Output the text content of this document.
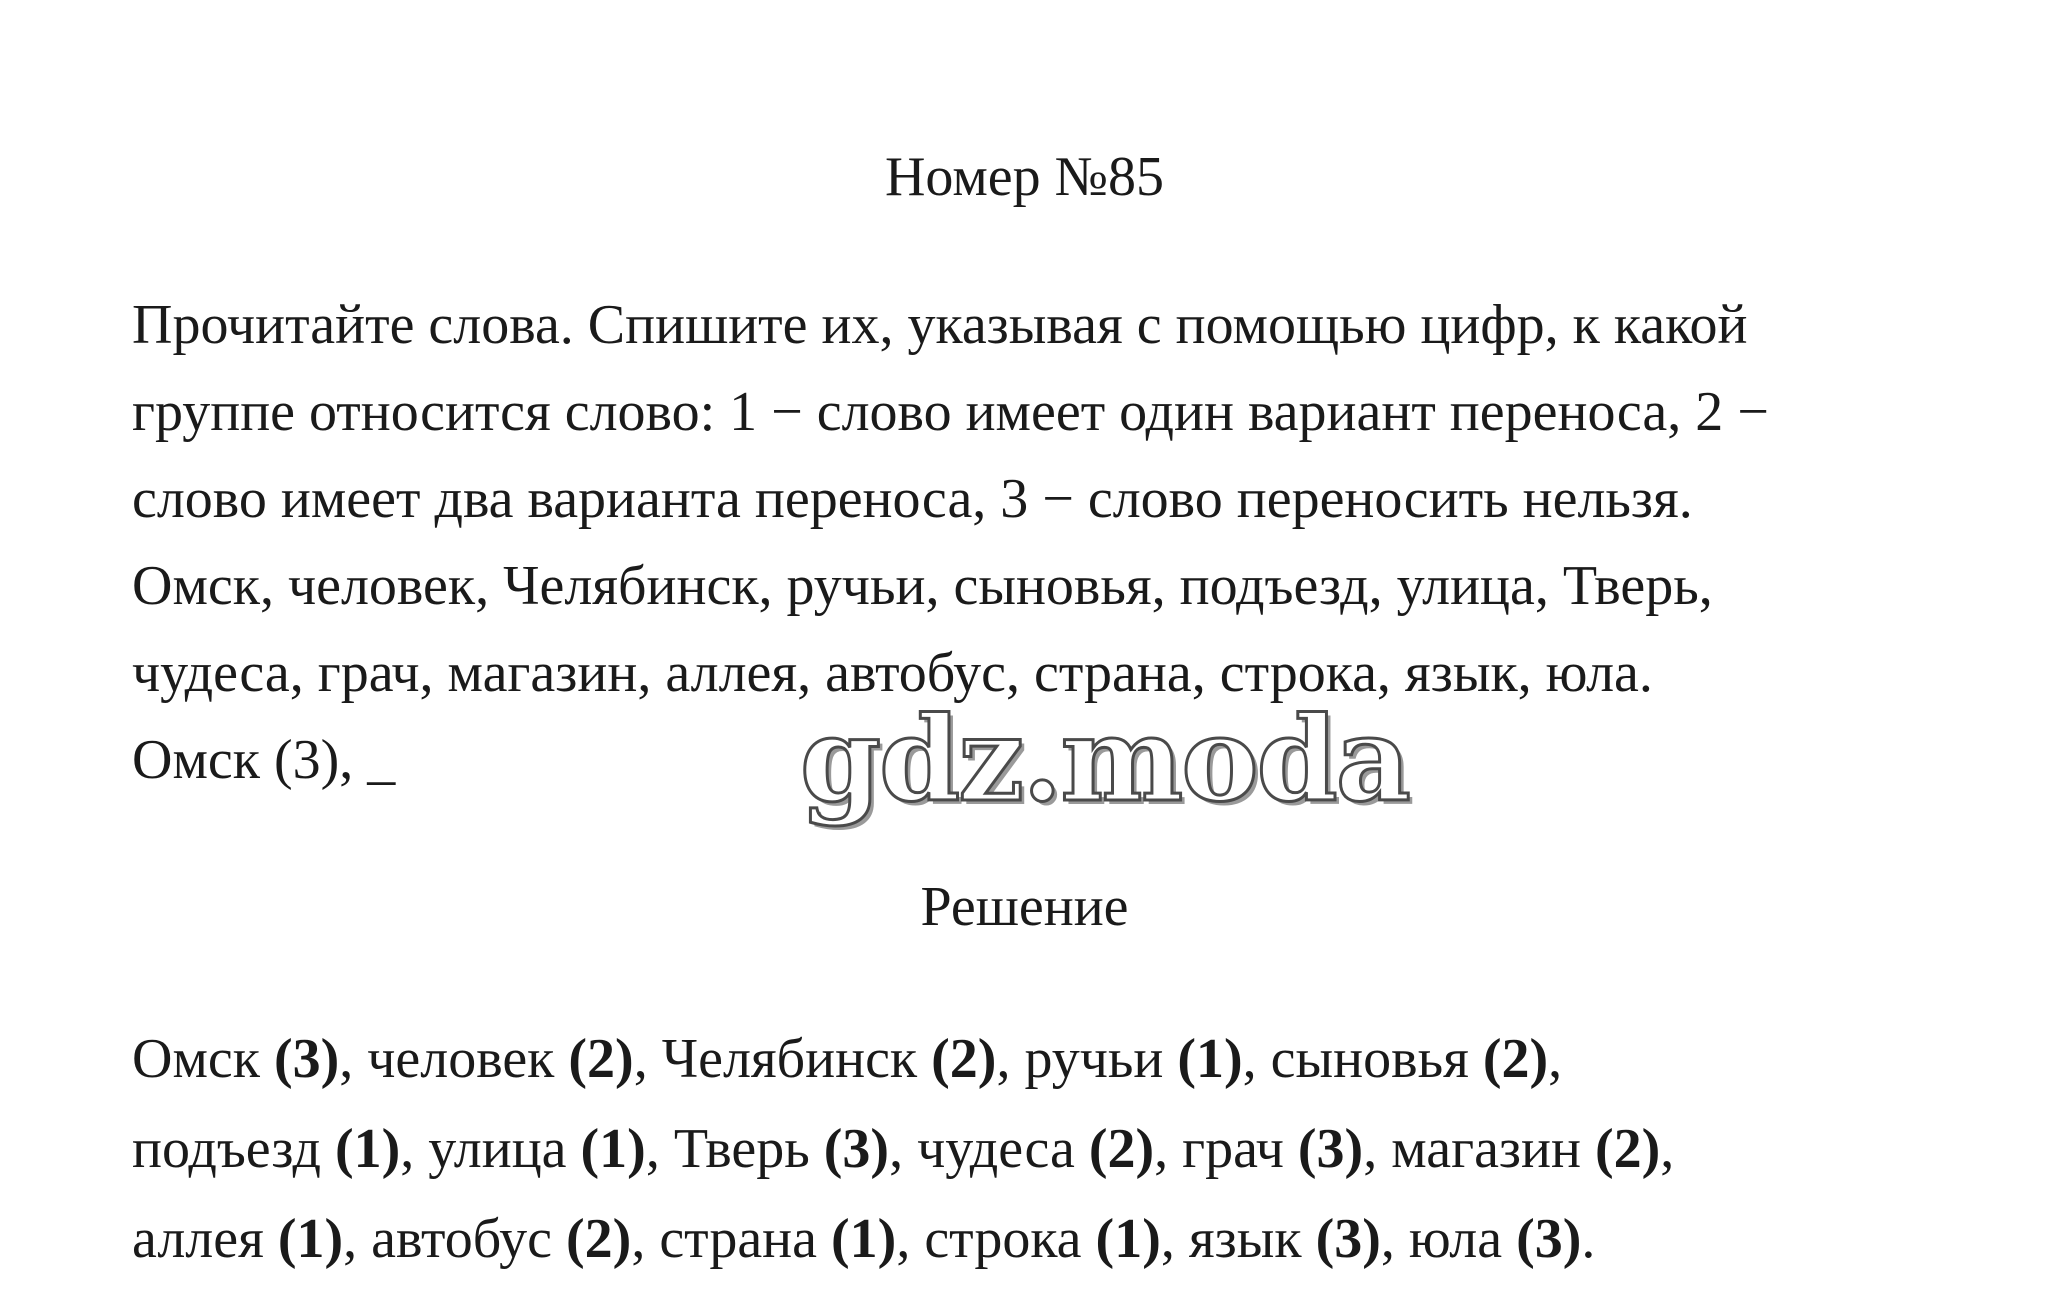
Номер №85
Прочитайте слова. Спишите их, указывая с помощью цифр, к какой
группе относится слово: 1 − слово имеет один вариант переноса, 2 −
слово имеет два варианта переноса, 3 − слово переносить нельзя.
Омск, человек, Челябинск, ручьи, сыновья, подъезд, улица, Тверь,
чудеса, грач, магазин, аллея, автобус, страна, строка, язык, юла.
Омск (3), _	gdz.moda
Решение
Омск (3), человек (2), Челябинск (2), ручьи (1), сыновья (2),
подъезд (1), улица (1), Тверь (3), чудеса (2), грач (3), магазин (2),
аллея (1), автобус (2), страна (1), строка (1), язык (3), юла (3).
